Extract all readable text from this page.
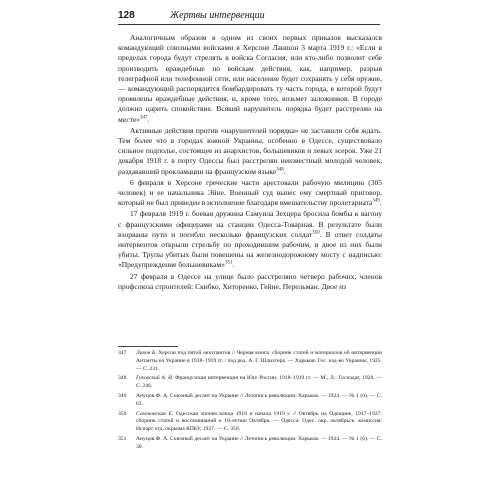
128	Жертвы интервенции

Аналогичным образом в одном из своих первых приказов высказался командующий союзными войсками в Херсоне Ланшон 3 марта 1919 г.: «Если в пределах города будут стрелять в войска Согласия, или кто-либо позволит себе производить враждебные по войскам действия, как, например, разрыв телеграфной или телефонной сети, или население будет сохранять у себя оружие, — командующий распорядится бомбардировать ту часть города, в которой будут проявлены враждебные действия, и, кроме того, возьмет заложников. В городе должно царить спокойствие. Всякий нарушитель порядка будет расстрелян на месте»$^{347}$.

Активные действия против «нарушителей порядка» не заставили себя ждать. Тем более что в городах южной Украины, особенно в Одессе, существовало сильное подполье, состоящее из анархистов, большевиков и левых эсеров. Уже 21 декабря 1918 г. в порту Одессы был расстрелян неизвестный молодой человек, раздававший прокламации на французском языке$^{348}$.

6 февраля в Херсоне греческие части арестовали рабочую милицию (305 человек) и ее начальника Эйне. Военный суд вынес ему смертный приговор, который не был приведен в исполнение благодаря вмешательству пролетариата$^{349}$.

17 февраля 1919 г. боевая дружина Самуила Зехцера бросила бомбы к вагону с французскими офицерами на станции Одесса-Товарная. В результате были взорваны пути и погибло несколько французских солдат$^{350}$. В ответ солдаты интервентов открыли стрельбу по проходившим рабочим, и двое из них были убиты. Трупы убитых были повешены на железнодорожному мосту с надписью: «Предупреждение большевикам»$^{351}$.

27 февраля в Одессе на улице было расстреляно четверо рабочих, членов профсоюза строителей: Скибко, Хитоpенко, Гейне, Перельман. Двое из

347 Лихов Б. Херсон под пятой оккупантов // Черная книга: сборник статей и материалов об интервенции Антанты на Украине в 1918–1919 гг. / под ред. А. Г. Шлихтера. — Харьков: Гос. изд-во Украины, 1925. — С. 231.
348 Гуковский А. И. Французская интервенция на Юге России. 1918–1919 гг. — М., Л.: Госиздат, 1928. — С. 246.
349 Ануцов Ф. А. Союзный десант на Украине // Летопись революции. Харьков. — 1924. — № 1 (6). — С. 63.
350 Сохоновская Е. Одесская эпопея конца 1918 и начала 1919 г. // Октябрь на Одещине, 1917–1927: сборник статей и воспоминаний к 10-летию Октября. — Одесса: Одес. окр. октябрьск. комиссия: Испарт отд. окркома КПБУ, 1927. — С. 350.
351 Ануцов Ф. А. Союзный десант на Украине // Летопись революции. Харьков. — 1924. — № 1 (6). — С. 30.
